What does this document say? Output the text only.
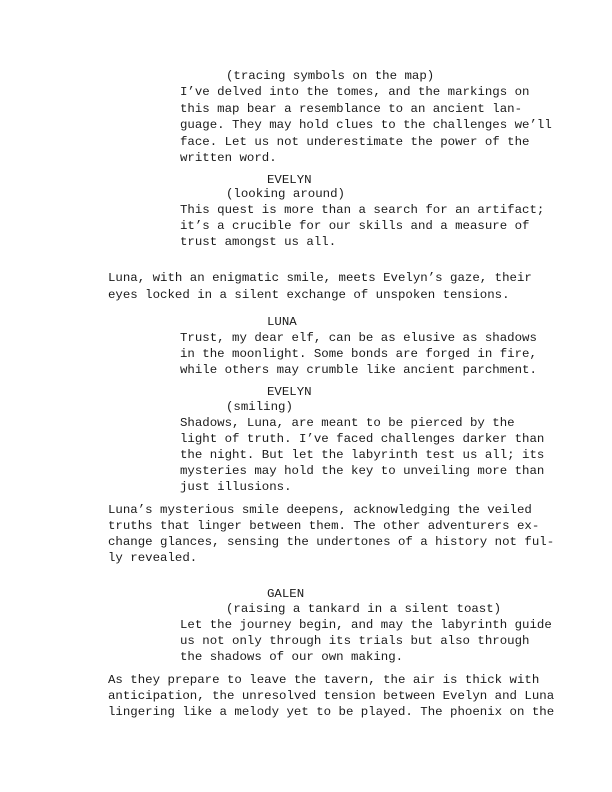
(tracing symbols on the map)
I’ve delved into the tomes, and the markings on
this map bear a resemblance to an ancient lan-
guage. They may hold clues to the challenges we’ll
face. Let us not underestimate the power of the
written word.
EVELYN
(looking around)
This quest is more than a search for an artifact;
it’s a crucible for our skills and a measure of
trust amongst us all.
Luna, with an enigmatic smile, meets Evelyn’s gaze, their
eyes locked in a silent exchange of unspoken tensions.
LUNA
Trust, my dear elf, can be as elusive as shadows
in the moonlight. Some bonds are forged in fire,
while others may crumble like ancient parchment.
EVELYN
(smiling)
Shadows, Luna, are meant to be pierced by the
light of truth. I’ve faced challenges darker than
the night. But let the labyrinth test us all; its
mysteries may hold the key to unveiling more than
just illusions.
Luna’s mysterious smile deepens, acknowledging the veiled
truths that linger between them. The other adventurers ex-
change glances, sensing the undertones of a history not ful-
ly revealed.
GALEN
(raising a tankard in a silent toast)
Let the journey begin, and may the labyrinth guide
us not only through its trials but also through
the shadows of our own making.
As they prepare to leave the tavern, the air is thick with
anticipation, the unresolved tension between Evelyn and Luna
lingering like a melody yet to be played. The phoenix on the
